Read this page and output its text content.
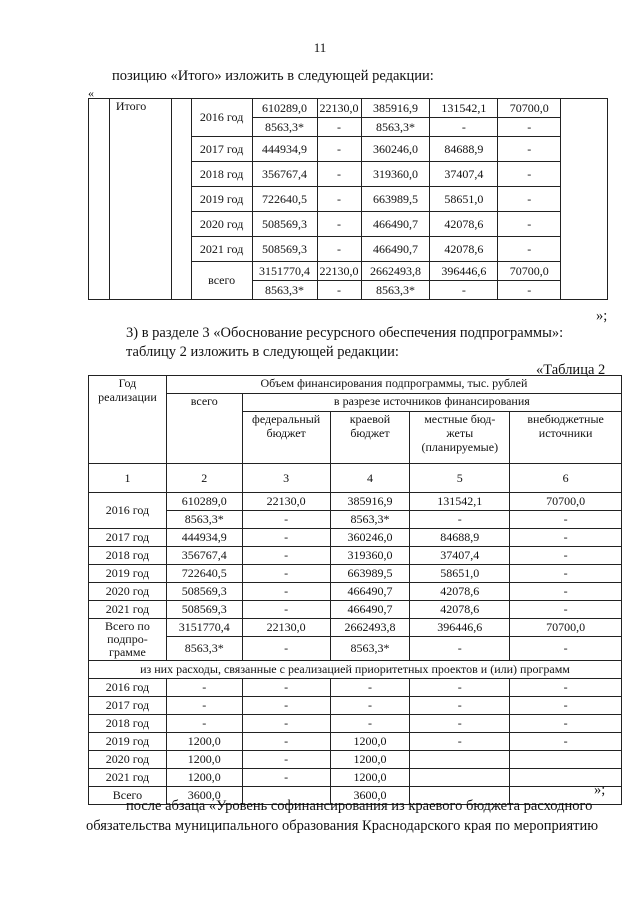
11
позицию «Итого» изложить в следующей редакции:
«
	Итого		2016 год	610289,0	22130,0	385916,9	131542,1	70700,0	
				8563,3*	-	8563,3*	-	-	
			2017 год	444934,9	-	360246,0	84688,9	-	
			2018 год	356767,4	-	319360,0	37407,4	-	
			2019 год	722640,5	-	663989,5	58651,0	-	
			2020 год	508569,3	-	466490,7	42078,6	-	
			2021 год	508569,3	-	466490,7	42078,6	-	
			всего	3151770,4	22130,0	2662493,8	396446,6	70700,0	
				8563,3*	-	8563,3*	-	-	
»;
3) в разделе 3 «Обоснование ресурсного обеспечения подпрограммы»:
таблицу 2 изложить в следующей редакции:
«Таблица 2
Год реализации	Объем финансирования подпрограммы, тыс. рублей				
	всего	в разрезе источников финансирования			
		федеральный бюджет	краевой бюджет	местные бюд-жеты (планируемые)	внебюджетные источники
1	2	3	4	5	6
2016 год	610289,0	22130,0	385916,9	131542,1	70700,0
	8563,3*	-	8563,3*	-	-
2017 год	444934,9	-	360246,0	84688,9	-
2018 год	356767,4	-	319360,0	37407,4	-
2019 год	722640,5	-	663989,5	58651,0	-
2020 год	508569,3	-	466490,7	42078,6	-
2021 год	508569,3	-	466490,7	42078,6	-
Всего по подпро-грамме	3151770,4	22130,0	2662493,8	396446,6	70700,0
	8563,3*	-	8563,3*	-	-
из них расходы, связанные с реализацией приоритетных проектов и (или) программ					
2016 год	-	-	-	-	-
2017 год	-	-	-	-	-
2018 год	-	-	-	-	-
2019 год	1200,0	-	1200,0	-	-
2020 год	1200,0	-	1200,0		
2021 год	1200,0	-	1200,0		
Всего	3600,0		3600,0			»;
после абзаца «Уровень софинансирования из краевого бюджета расходного
обязательства муниципального образования Краснодарского края по мероприятию
